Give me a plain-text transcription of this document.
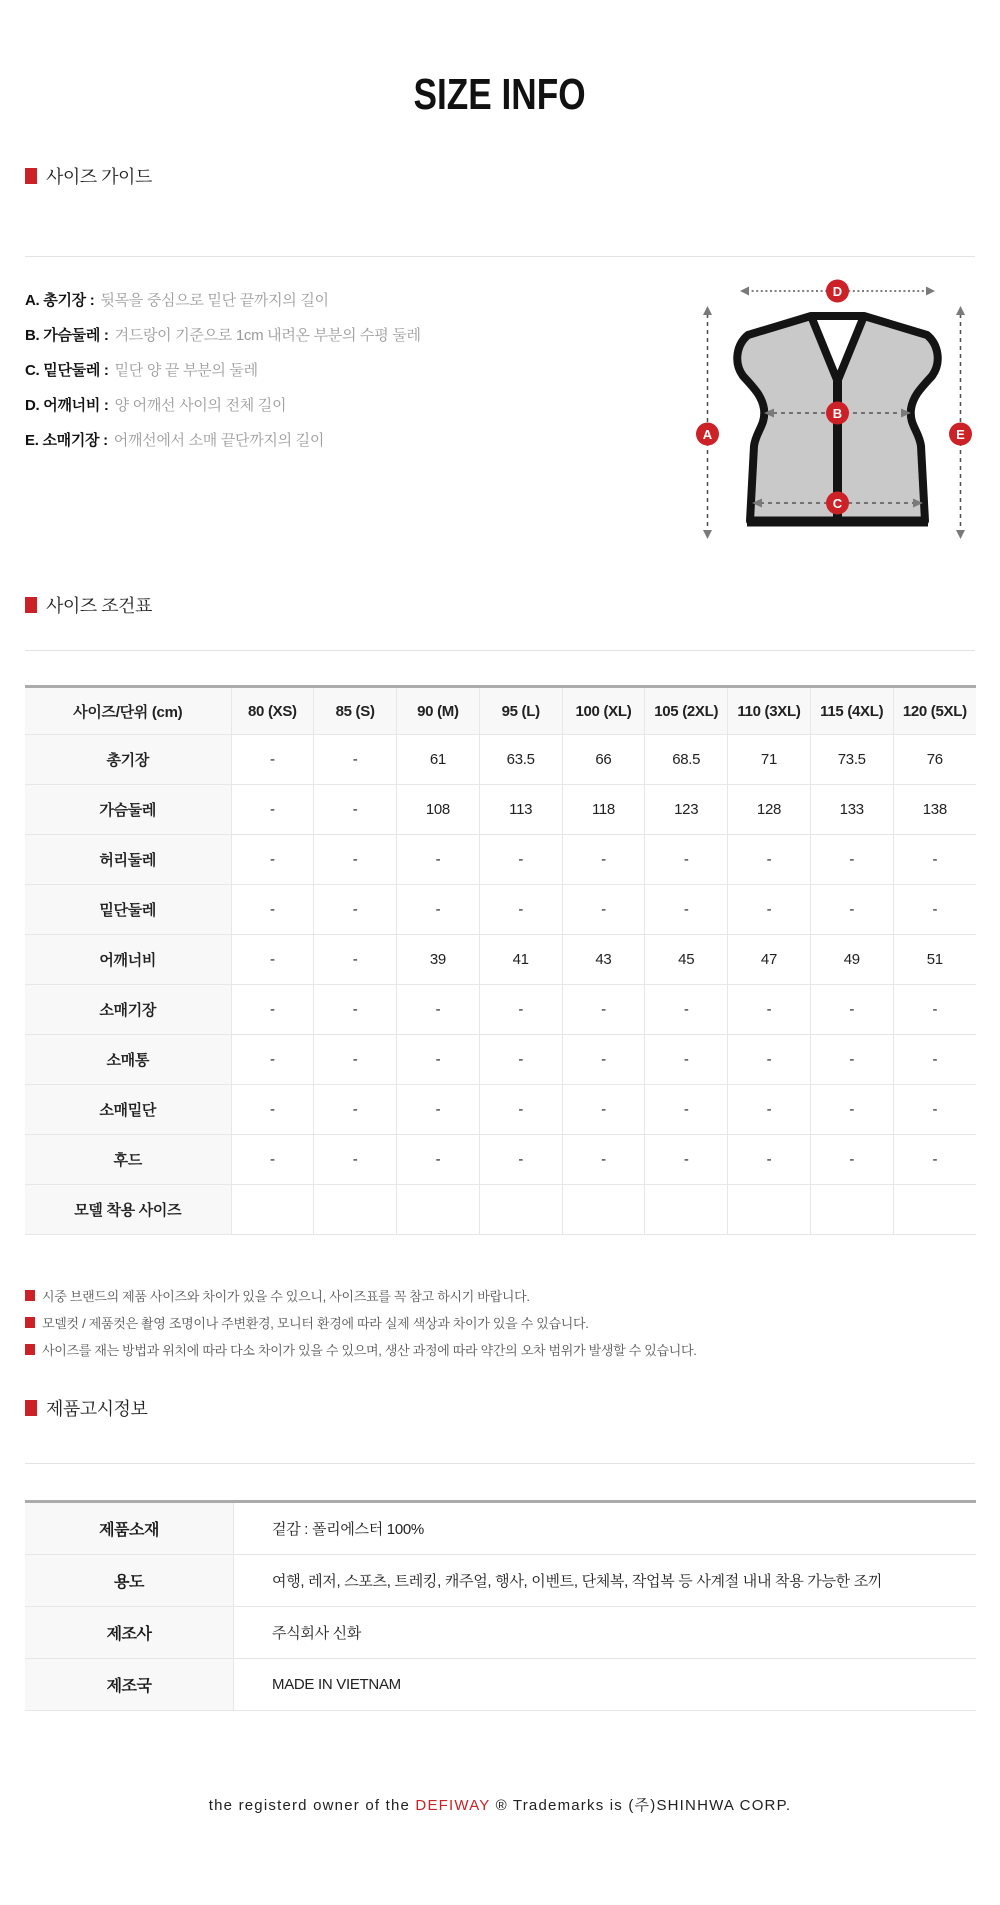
SIZE INFO
사이즈 가이드
A. 총기장 : 뒷목을 중심으로 밑단 끝까지의 길이
B. 가슴둘레 : 겨드랑이 기준으로 1cm 내려온 부분의 수평 둘레
C. 밑단둘레 : 밑단 양 끝 부분의 둘레
D. 어깨너비 : 양 어깨선 사이의 전체 길이
E. 소매기장 : 어깨선에서 소매 끝단까지의 길이
D
A	E
B
C
사이즈 조건표
사이즈/단위 (cm)	80 (XS)	85 (S)	90 (M)	95 (L)	100 (XL)	105 (2XL)	110 (3XL)	115 (4XL)	120 (5XL)
총기장	-	-	61	63.5	66	68.5	71	73.5	76
가슴둘레	-	-	108	113	118	123	128	133	138
허리둘레	-	-	-	-	-	-	-	-	-
밑단둘레	-	-	-	-	-	-	-	-	-
어깨너비	-	-	39	41	43	45	47	49	51
소매기장	-	-	-	-	-	-	-	-	-
소매통	-	-	-	-	-	-	-	-	-
소매밑단	-	-	-	-	-	-	-	-	-
후드	-	-	-	-	-	-	-	-	-
모델 착용 사이즈									
시중 브랜드의 제품 사이즈와 차이가 있을 수 있으니, 사이즈표를 꼭 참고 하시기 바랍니다.
모델컷 / 제품컷은 촬영 조명이나 주변환경, 모니터 환경에 따라 실제 색상과 차이가 있을 수 있습니다.
사이즈를 재는 방법과 위치에 따라 다소 차이가 있을 수 있으며, 생산 과정에 따라 약간의 오차 범위가 발생할 수 있습니다.
제품고시정보
제품소재	겉감 : 폴리에스터 100%
용도	여행, 레저, 스포츠, 트레킹, 캐주얼, 행사, 이벤트, 단체복, 작업복 등 사계절 내내 착용 가능한 조끼
제조사	주식회사 신화
제조국	MADE IN VIETNAM
the registerd owner of the DEFIWAY ® Trademarks is (주)SHINHWA CORP.
